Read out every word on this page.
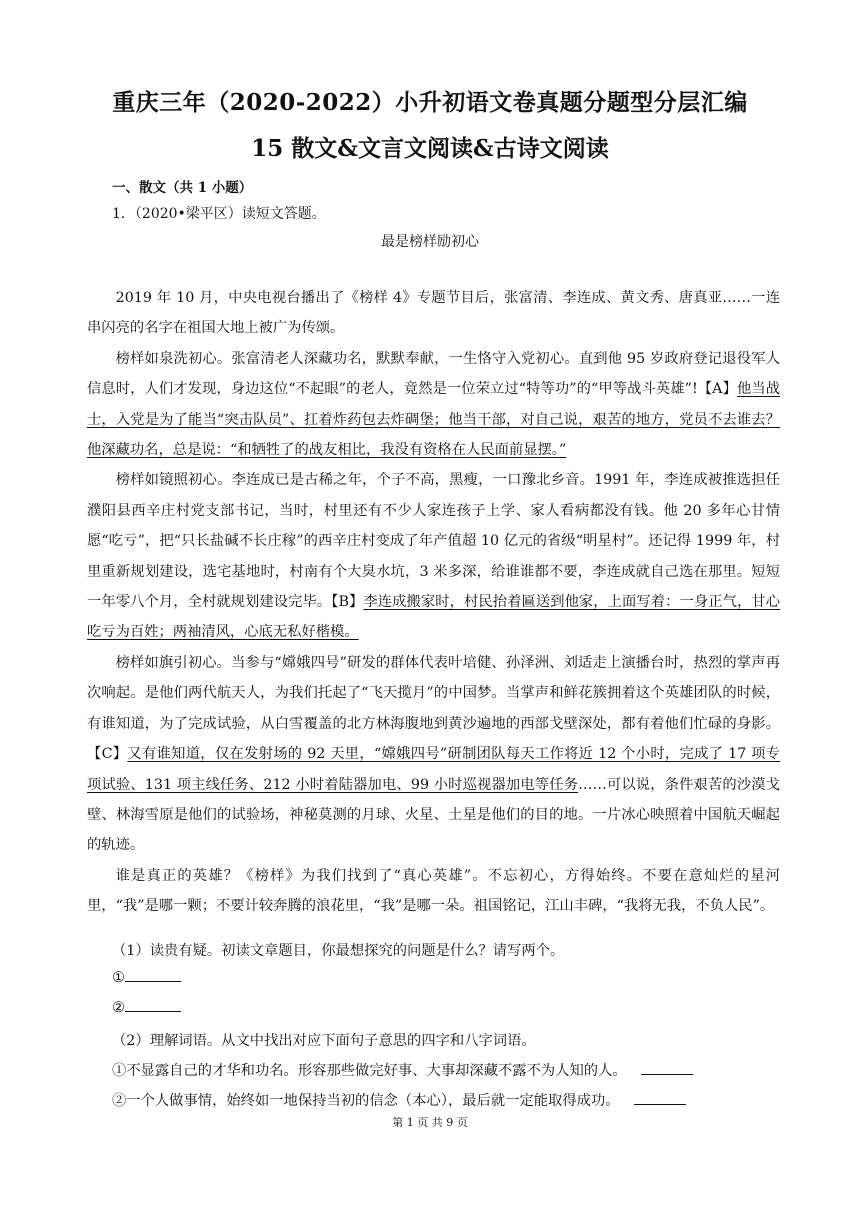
重庆三年（2020-2022）小升初语文卷真题分题型分层汇编
15 散文&文言文阅读&古诗文阅读
一、散文（共 1 小题）
1．（2020•梁平区）读短文答题。
最是榜样励初心

2019 年 10 月，中央电视台播出了《榜样 4》专题节目后，张富清、李连成、黄文秀、唐真亚……一连串闪亮的名字在祖国大地上被广为传颂。

榜样如泉洗初心。张富清老人深藏功名，默默奉献，一生恪守入党初心。直到他 95 岁政府登记退役军人信息时，人们才发现，身边这位“不起眼”的老人，竟然是一位荣立过“特等功”的“甲等战斗英雄”!【A】他当战士，入党是为了能当“突击队员”、扛着炸药包去炸碉堡；他当干部，对自己说，艰苦的地方，党员不去谁去？他深藏功名，总是说：“和牺牲了的战友相比，我没有资格在人民面前显摆。”

榜样如镜照初心。李连成已是古稀之年，个子不高，黑瘦，一口豫北乡音。1991 年，李连成被推选担任濮阳县西辛庄村党支部书记，当时，村里还有不少人家连孩子上学、家人看病都没有钱。他 20 多年心甘情愿“吃亏”，把“只长盐碱不长庄稼”的西辛庄村变成了年产值超 10 亿元的省级“明星村”。还记得 1999 年，村里重新规划建设，选宅基地时，村南有个大臭水坑，3 米多深，给谁谁都不要，李连成就自己选在那里。短短一年零八个月，全村就规划建设完毕。【B】李连成搬家时，村民抬着匾送到他家，上面写着：一身正气，甘心吃亏为百姓；两袖清风，心底无私好楷模。

榜样如旗引初心。当参与“嫦娥四号”研发的群体代表叶培健、孙泽洲、刘适走上演播台时，热烈的掌声再次响起。是他们两代航天人，为我们托起了“飞天揽月”的中国梦。当掌声和鲜花簇拥着这个英雄团队的时候，有谁知道，为了完成试验，从白雪覆盖的北方林海腹地到黄沙遍地的西部戈壁深处，都有着他们忙碌的身影。【C】又有谁知道，仅在发射场的 92 天里，“嫦娥四号”研制团队每天工作将近 12 个小时，完成了 17 项专项试验、131 项主线任务、212 小时着陆器加电、99 小时巡视器加电等任务……可以说，条件艰苦的沙漠戈壁、林海雪原是他们的试验场，神秘莫测的月球、火星、土星是他们的目的地。一片冰心映照着中国航天崛起的轨迹。

谁是真正的英雄？《榜样》为我们找到了“真心英雄”。不忘初心，方得始终。不要在意灿烂的星河里，“我”是哪一颗；不要计较奔腾的浪花里，“我”是哪一朵。祖国铭记，江山丰碑，“我将无我，不负人民”。

（1）读贵有疑。初读文章题目，你最想探究的问题是什么？请写两个。
①
②
（2）理解词语。从文中找出对应下面句子意思的四字和八字词语。
①不显露自己的才华和功名。形容那些做完好事、大事却深藏不露不为人知的人。
②一个人做事情，始终如一地保持当初的信念（本心），最后就一定能取得成功。
第 1 页 共 9 页
